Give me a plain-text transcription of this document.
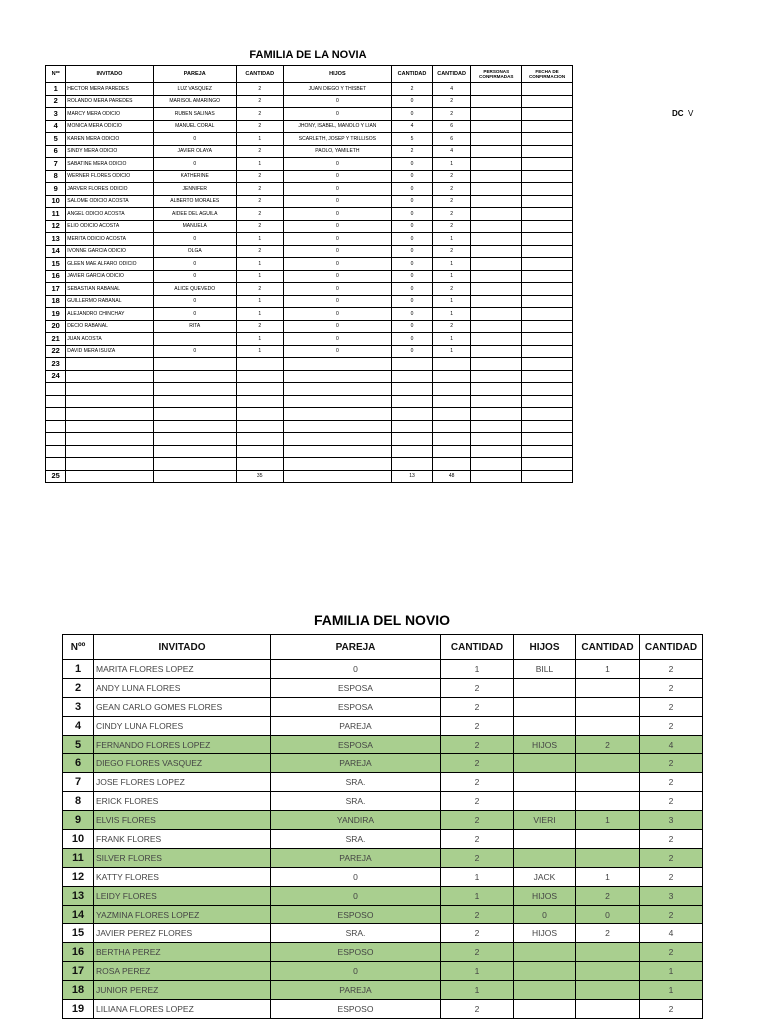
FAMILIA DE LA NOVIA
DC V
Nºº	INVITADO	PAREJA	CANTIDAD	HIJOS	CANTIDAD	CANTIDAD	PERSONAS CONFIRMADAS	FECHA DE CONFIRMACION
1	HECTOR MERA PAREDES	LUZ VASQUEZ	2	JUAN DIEGO Y THISBET	2	4		
2	ROLANDO MERA PAREDES	MARISOL AMARINGO	2	0	0	2		
3	MARCY MERA ODICIO	RUBEN SALINAS	2	0	0	2		
4	MONICA MERA ODICIO	MANUEL CORAL	2	JHONY, ISABEL, MANOLO Y LIAN	4	6		
5	KAREN MERA ODICIO	0	1	SCARLETH, JOSEP Y TRILLISOS	5	6		
6	SINDY MERA ODICIO	JAVIER OLAYA	2	PAOLO, YAMILETH	2	4		
7	SABATINE MERA ODICIO	0	1	0	0	1		
8	WERNER FLORES ODICIO	KATHERINE	2	0	0	2		
9	JARVER FLORES ODICIO	JENNIFER	2	0	0	2		
10	SALOME ODICIO ACOSTA	ALBERTO MORALES	2	0	0	2		
11	ANGEL ODICIO ACOSTA	AIDEE DEL AGUILA	2	0	0	2		
12	ELIO ODICIO ACOSTA	MANUELA	2	0	0	2		
13	MERITA ODICIO ACOSTA	0	1	0	0	1		
14	IVONNE GARCIA ODICIO	OLGA	2	0	0	2		
15	GLEEN MAE ALFARO ODICIO	0	1	0	0	1		
16	JAVIER GARCIA ODICIO	0	1	0	0	1		
17	SEBASTIAN RABANAL	ALICE QUEVEDO	2	0	0	2		
18	GUILLERMO RABANAL	0	1	0	0	1		
19	ALEJANDRO CHINCHAY	0	1	0	0	1		
20	DECIO RABANAL	RITA	2	0	0	2		
21	JUAN ACOSTA		1	0	0	1		
22	DAVID MERA ISUIZA	0	1	0	0	1		
23								
24								

25			35		13	48		
FAMILIA DEL NOVIO
Nºº	INVITADO	PAREJA	CANTIDAD	HIJOS	CANTIDAD	CANTIDAD
1	MARITA FLORES LOPEZ	0	1	BILL	1	2
2	ANDY LUNA FLORES	ESPOSA	2			2
3	GEAN CARLO GOMES FLORES	ESPOSA	2			2
4	CINDY LUNA FLORES	PAREJA	2			2
5	FERNANDO FLORES LOPEZ	ESPOSA	2	HIJOS	2	4
6	DIEGO FLORES VASQUEZ	PAREJA	2			2
7	JOSE FLORES LOPEZ	SRA.	2			2
8	ERICK FLORES	SRA.	2			2
9	ELVIS FLORES	YANDIRA	2	VIERI	1	3
10	FRANK FLORES	SRA.	2			2
11	SILVER FLORES	PAREJA	2			2
12	KATTY FLORES	0	1	JACK	1	2
13	LEIDY FLORES	0	1	HIJOS	2	3
14	YAZMINA FLORES LOPEZ	ESPOSO	2	0	0	2
15	JAVIER PEREZ FLORES	SRA.	2	HIJOS	2	4
16	BERTHA PEREZ	ESPOSO	2			2
17	ROSA PEREZ	0	1			1
18	JUNIOR PEREZ	PAREJA	1			1
19	LILIANA FLORES LOPEZ	ESPOSO	2			2
